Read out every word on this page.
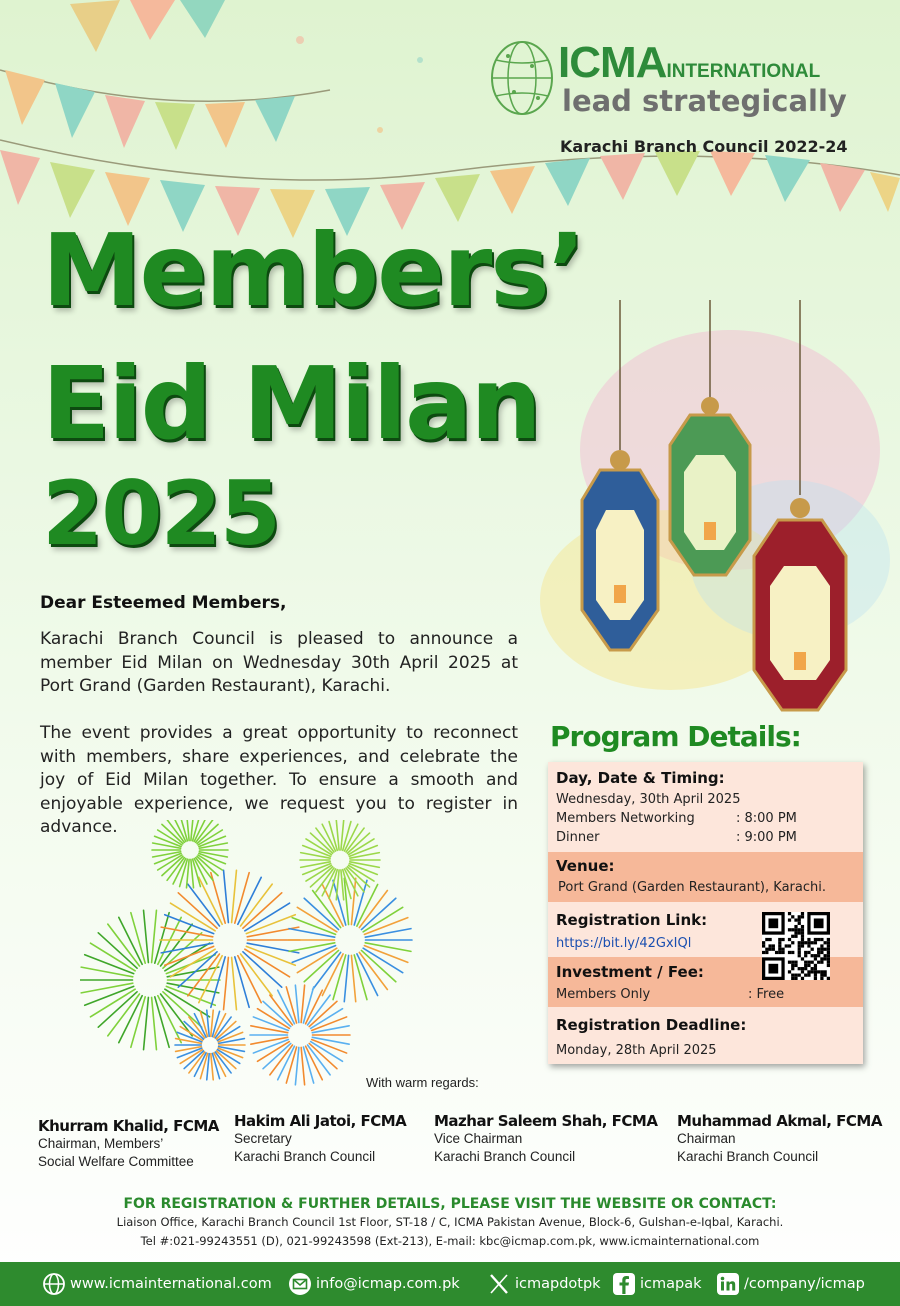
ICMAINTERNATIONAL
lead strategically
Karachi Branch Council 2022-24
Members’
Eid Milan
2025
Dear Esteemed Members,
Karachi Branch Council is pleased to announce a member Eid Milan on Wednesday 30th April 2025 at Port Grand (Garden Restaurant), Karachi.
The event provides a great opportunity to reconnect with members, share experiences, and celebrate the joy of Eid Milan together. To ensure a smooth and enjoyable experience, we request you to register in advance.
With warm regards:
Program Details:
Day, Date & Timing:
Wednesday, 30th April 2025
Members Networking	: 8:00 PM
Dinner	: 9:00 PM
Venue:
Port Grand (Garden Restaurant), Karachi.
Registration Link:
https://bit.ly/42GxIQl
Investment / Fee:
Members Only	: Free
Registration Deadline:
Monday, 28th April 2025
Khurram Khalid, FCMA
Chairman, Members’
Social Welfare Committee
Hakim Ali Jatoi, FCMA
Secretary
Karachi Branch Council
Mazhar Saleem Shah, FCMA
Vice Chairman
Karachi Branch Council
Muhammad Akmal, FCMA
Chairman
Karachi Branch Council
FOR REGISTRATION & FURTHER DETAILS, PLEASE VISIT THE WEBSITE OR CONTACT:
Liaison Office, Karachi Branch Council 1st Floor, ST-18 / C, ICMA Pakistan Avenue, Block-6, Gulshan-e-Iqbal, Karachi.
Tel #:021-99243551 (D), 021-99243598 (Ext-213), E-mail: kbc@icmap.com.pk, www.icmainternational.com
www.icmainternational.com	info@icmap.com.pk	icmapdotpk	icmapak	/company/icmap
